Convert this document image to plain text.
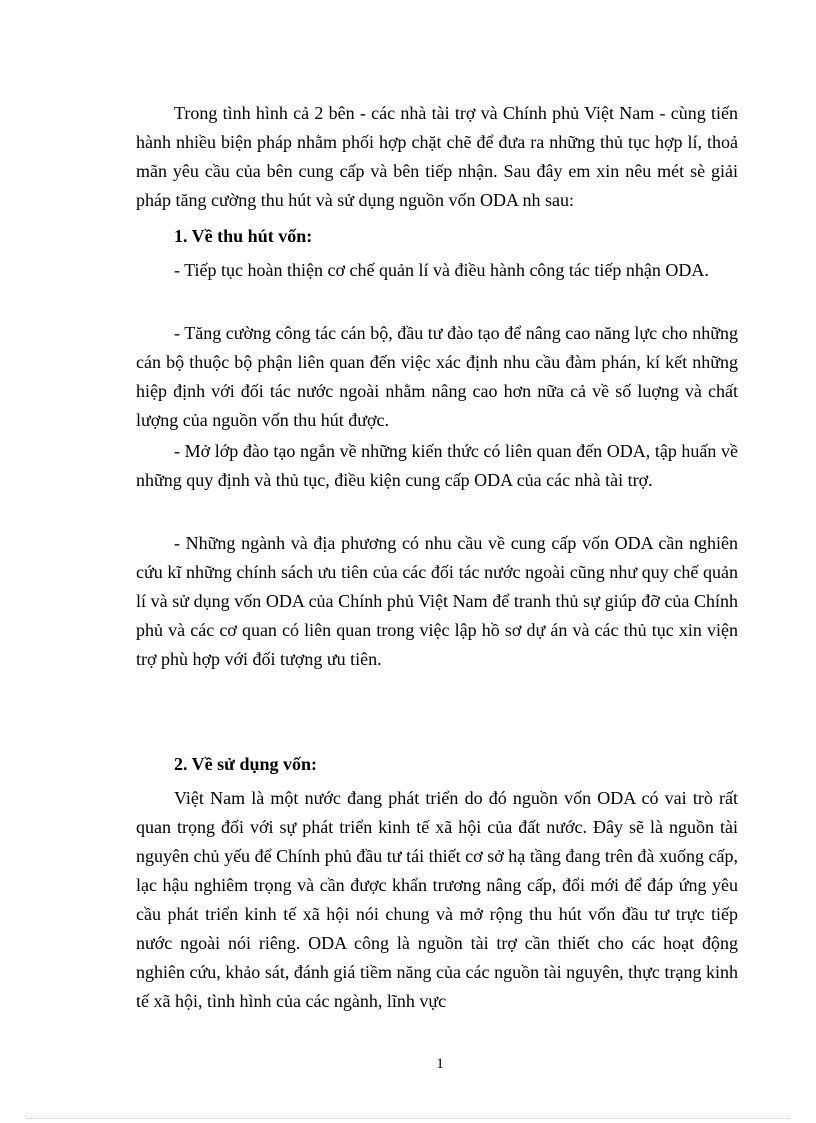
Trong tình hình cả 2 bên - các nhà tài trợ và Chính phủ Việt Nam - cùng tiến hành nhiều biện pháp nhằm phối hợp chặt chẽ để đưa ra những thủ tục hợp lí, thoả mãn yêu cầu của bên cung cấp và bên tiếp nhận. Sau đây em xin nêu mét sè giải pháp tăng cường thu hút và sử dụng nguồn vốn ODA nh sau:

1. Về thu hút vốn:

- Tiếp tục hoàn thiện cơ chế quản lí và điều hành công tác tiếp nhận ODA.

- Tăng cường công tác cán bộ, đầu tư đào tạo để nâng cao năng lực cho những cán bộ thuộc bộ phận liên quan đến việc xác định nhu cầu đàm phán, kí kết những hiệp định với đối tác nước ngoài nhằm nâng cao hơn nữa cả về số luợng và chất lượng của nguồn vốn thu hút được.

- Mở lớp đào tạo ngắn về những kiến thức có liên quan đến ODA, tập huấn về những quy định và thủ tục, điều kiện cung cấp ODA của các nhà tài trợ.

- Những ngành và địa phương có nhu cầu về cung cấp vốn ODA cần nghiên cứu kĩ những chính sách ưu tiên của các đối tác nước ngoài cũng như quy chế quản lí và sử dụng vốn ODA của Chính phủ Việt Nam để tranh thủ sự giúp đỡ của Chính phủ và các cơ quan có liên quan trong việc lập hồ sơ dự án và các thủ tục xin viện trợ phù hợp với đối tượng ưu tiên.

2. Về sử dụng vốn:

Việt Nam là một nước đang phát triển do đó nguồn vốn ODA có vai trò rất quan trọng đối với sự phát triển kinh tế xã hội của đất nước. Đây sẽ là nguồn tài nguyên chủ yếu để Chính phủ đầu tư tái thiết cơ sở hạ tầng đang trên đà xuống cấp, lạc hậu nghiêm trọng và cần được khẩn trương nâng cấp, đổi mới để đáp ứng yêu cầu phát triển kinh tế xã hội nói chung và mở rộng thu hút vốn đầu tư trực tiếp nước ngoài nói riêng. ODA công là nguồn tài trợ cần thiết cho các hoạt động nghiên cứu, khảo sát, đánh giá tiềm năng của các nguồn tài nguyên, thực trạng kinh tế xã hội, tình hình của các ngành, lĩnh vực

1
